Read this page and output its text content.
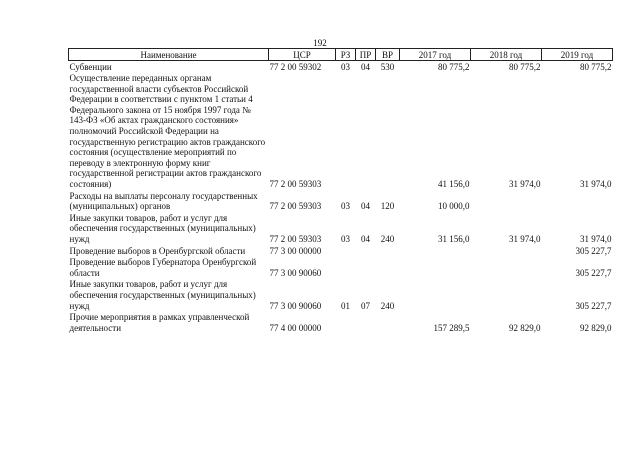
192
Наименование	ЦСР	РЗ	ПР	ВР	2017 год	2018 год	2019 год
Субвенции	77 2 00 59302	03	04	530	80 775,2	80 775,2	80 775,2
Осуществление переданных органам государственной власти субъектов Российской Федерации в соответствии с пунктом 1 статьи 4 Федерального закона от 15 ноября 1997 года № 143-ФЗ «Об актах гражданского состояния» полномочий Российской Федерации на государственную регистрацию актов гражданского состояния (осуществление мероприятий по переводу в электронную форму книг государственной регистрации актов гражданского состояния)	77 2 00 59303				41 156,0	31 974,0	31 974,0
Расходы на выплаты персоналу государственных (муниципальных) органов	77 2 00 59303	03	04	120	10 000,0		
Иные закупки товаров, работ и услуг для обеспечения государственных (муниципальных) нужд	77 2 00 59303	03	04	240	31 156,0	31 974,0	31 974,0
Проведение выборов в Оренбургской области	77 3 00 00000						305 227,7
Проведение выборов Губернатора Оренбургской области	77 3 00 90060						305 227,7
Иные закупки товаров, работ и услуг для обеспечения государственных (муниципальных) нужд	77 3 00 90060	01	07	240			305 227,7
Прочие мероприятия в рамках управленческой деятельности	77 4 00 00000				157 289,5	92 829,0	92 829,0
